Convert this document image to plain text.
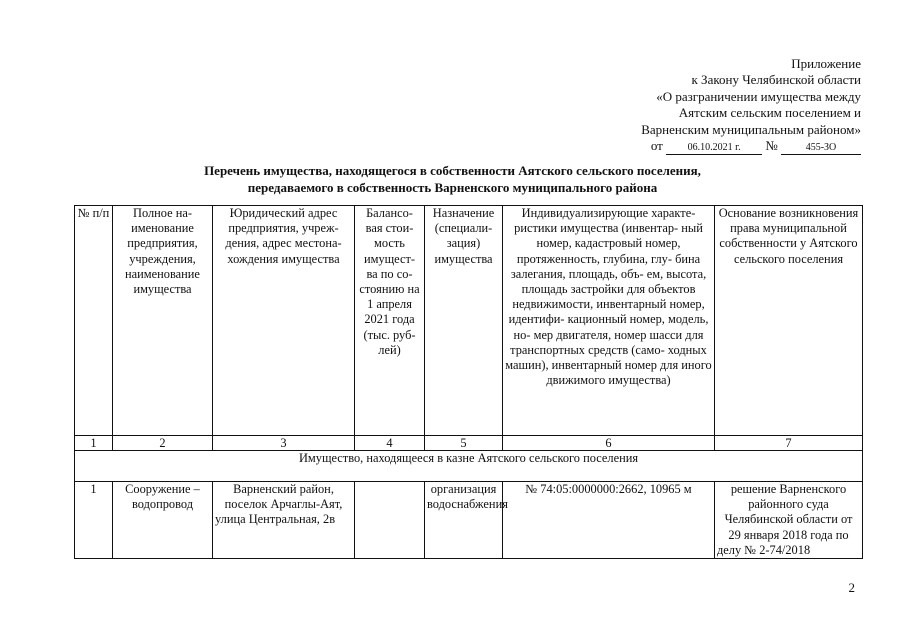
Приложение
к Закону Челябинской области
«О разграничении имущества между
Аятским сельским поселением и
Варненским муниципальным районом»
от 06.10.2021 г. №	455-ЗО
Перечень имущества, находящегося в собственности Аятского сельского поселения,
передаваемого в собственность Варненского муниципального района
№ п/п	Полное на- именование предприятия, учреждения, наименование имущества	Юридический адрес предприятия, учреж- дения, адрес местона- хождения имущества	Балансо- вая стои- мость имущест- ва по со- стоянию на 1 апреля 2021 года (тыс. руб- лей)	Назначение (специали- зация) имущества	Индивидуализирующие характе- ристики имущества (инвентар- ный номер, кадастровый номер, протяженность, глубина, глу- бина залегания, площадь, объ- ем, высота, площадь застройки для объектов недвижимости, инвентарный номер, идентифи- кационный номер, модель, но- мер двигателя, номер шасси для транспортных средств (само- ходных машин), инвентарный номер для иного движимого имущества)	Основание возникновения права муниципальной собственности у Аятского сельского поселения
1	2	3	4	5	6	7
Имущество, находящееся в казне Аятского сельского поселения						
1	Сооружение – водопровод	Варненский район, поселок Арчаглы-Аят, улица Центральная, 2в		организация водоснабжения	№ 74:05:0000000:2662, 10965 м	решение Варненского районного суда Челябинской области от 29 января 2018 года по делу № 2-74/2018
2
